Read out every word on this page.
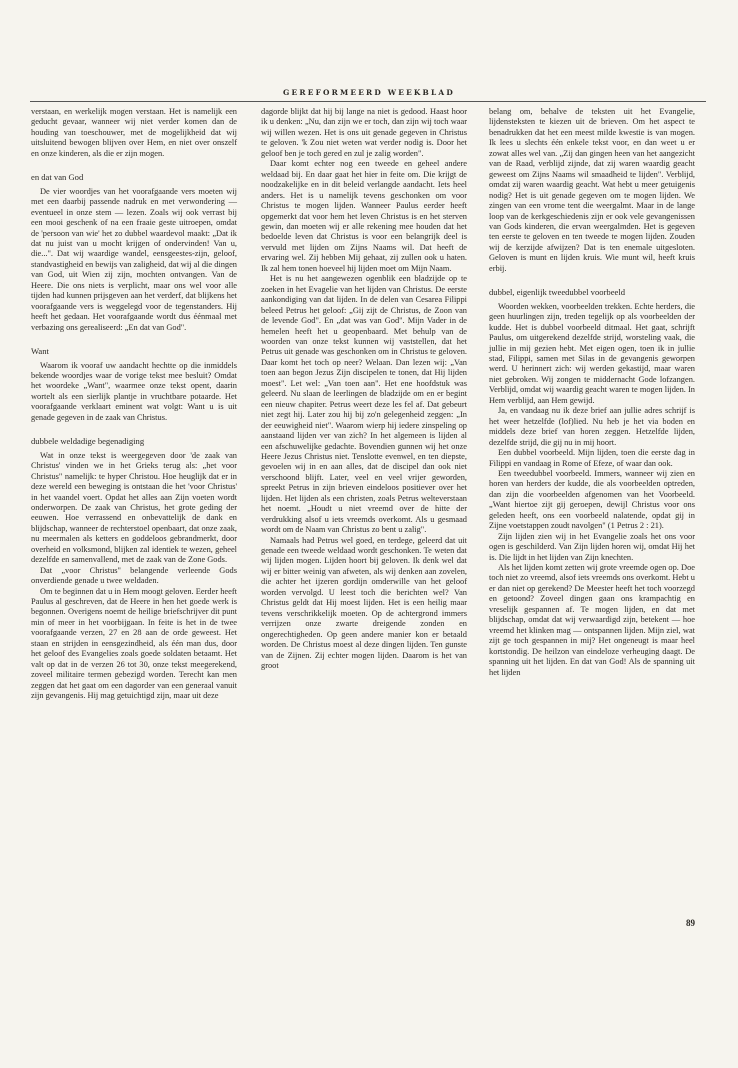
GEREFORMEERD WEEKBLAD

verstaan, en werkelijk mogen verstaan. Het is namelijk een geducht gevaar, wanneer wij niet verder komen dan de houding van toeschouwer, met de mogelijkheid dat wij uitsluitend bewogen blijven over Hem, en niet over onszelf en onze kinderen, als die er zijn mogen.

en dat van God

De vier woordjes van het voorafgaande vers moeten wij met een daarbij passende nadruk en met verwondering — eventueel in onze stem — lezen. Zoals wij ook verrast bij een mooi geschenk of na een fraaie geste uitroepen, omdat de 'persoon van wie' het zo dubbel waardevol maakt: „Dat ik dat nu juist van u mocht krijgen of ondervinden! Van u, die...". Dat wij waardige wandel, eensgeestes-zijn, geloof, standvastigheid en bewijs van zaligheid, dat wij al die dingen van God, uit Wien zij zijn, mochten ontvangen. Van de Heere. Die ons niets is verplicht, maar ons wel voor alle tijden had kunnen prijsgeven aan het verderf, dat blijkens het voorafgaande vers is weggelegd voor de tegenstanders. Hij heeft het gedaan. Het voorafgaande wordt dus éénmaal met verbazing ons gerealiseerd: „En dat van God".

Want

Waarom ik vooraf uw aandacht hechtte op die inmiddels bekende woordjes waar de vorige tekst mee besluit? Omdat het woordeke „Want", waarmee onze tekst opent, daarin wortelt als een sierlijk plantje in vruchtbare potaarde. Het voorafgaande verklaart eminent wat volgt: Want u is uit genade gegeven in de zaak van Christus.

dubbele weldadige begenadiging

Wat in onze tekst is weergegeven door 'de zaak van Christus' vinden we in het Grieks terug als: „het voor Christus" namelijk: te hyper Christou. Hoe heuglijk dat er in deze wereld een beweging is ontstaan die het 'voor Christus' in het vaandel voert. Opdat het alles aan Zijn voeten wordt onderworpen. De zaak van Christus, het grote geding der eeuwen. Hoe verrassend en onbevattelijk de dank en blijdschap, wanneer de rechterstoel openbaart, dat onze zaak, nu meermalen als ketters en goddeloos gebrandmerkt, door overheid en volksmond, blijken zal identiek te wezen, geheel dezelfde en samenvallend, met de zaak van de Zone Gods.

Dat „voor Christus" belangende verleende Gods onverdiende genade u twee weldaden.

Om te beginnen dat u in Hem moogt geloven. Eerder heeft Paulus al geschreven, dat de Heere in hen het goede werk is begonnen. Overigens noemt de heilige briefschrijver dit punt min of meer in het voorbijgaan. In feite is het in de twee voorafgaande verzen, 27 en 28 aan de orde geweest. Het staan en strijden in eensgezindheid, als één man dus, door het geloof des Evangelies zoals goede soldaten betaamt. Het valt op dat in de verzen 26 tot 30, onze tekst meegerekend, zoveel militaire termen gebezigd worden. Terecht kan men zeggen dat het gaat om een dagorder van een generaal vanuit zijn gevangenis. Hij mag getuichtigd zijn, maar uit deze

dagorde blijkt dat hij bij lange na niet is gedood. Haast hoor ik u denken: „Nu, dan zijn we er toch, dan zijn wij toch waar wij willen wezen. Het is ons uit genade gegeven in Christus te geloven. 'k Zou niet weten wat verder nodig is. Door het geloof ben je toch gered en zul je zalig worden".

Daar komt echter nog een tweede en geheel andere weldaad bij. En daar gaat het hier in feite om. Die krijgt de noodzakelijke en in dit beleid verlangde aandacht. Iets heel anders. Het is u namelijk tevens geschonken om voor Christus te mogen lijden. Wanneer Paulus eerder heeft opgemerkt dat voor hem het leven Christus is en het sterven gewin, dan moeten wij er alle rekening mee houden dat het bedoelde leven dat Christus is voor een belangrijk deel is vervuld met lijden om Zijns Naams wil. Dat heeft de ervaring wel. Zij hebben Mij gehaat, zij zullen ook u haten. Ik zal hem tonen hoeveel hij lijden moet om Mijn Naam.

Het is nu het aangewezen ogenblik een bladzijde op te zoeken in het Evagelie van het lijden van Christus. De eerste aankondiging van dat lijden. In de delen van Cesarea Filippi beleed Petrus het geloof: „Gij zijt de Christus, de Zoon van de levende God". En „dat was van God". Mijn Vader in de hemelen heeft het u geopenbaard. Met behulp van de woorden van onze tekst kunnen wij vaststellen, dat het Petrus uit genade was geschonken om in Christus te geloven. Daar komt het toch op neer? Welaan. Dan lezen wij: „Van toen aan begon Jezus Zijn discipelen te tonen, dat Hij lijden moest". Let wel: „Van toen aan". Het ene hoofdstuk was geleerd. Nu slaan de leerlingen de bladzijde om en er begint een nieuw chapiter. Petrus weert deze les fel af. Dat gebeurt niet zegt hij. Later zou hij bij zo'n gelegenheid zeggen: „In der eeuwigheid niet". Waarom wierp hij iedere zinspeling op aanstaand lijden ver van zich? In het algemeen is lijden al een afschuwelijke gedachte. Bovendien gunnen wij het onze Heere Jezus Christus niet. Tenslotte evenwel, en ten diepste, gevoelen wij in en aan alles, dat de discipel dan ook niet verschoond blijft. Later, veel en veel vrijer geworden, spreekt Petrus in zijn brieven eindeloos positiever over het lijden. Het lijden als een christen, zoals Petrus welteverstaan het noemt. „Houdt u niet vreemd over de hitte der verdrukking alsof u iets vreemds overkomt. Als u gesmaad wordt om de Naam van Christus zo bent u zalig".

Namaals had Petrus wel goed, en terdege, geleerd dat uit genade een tweede weldaad wordt geschonken. Te weten dat wij lijden mogen. Lijden hoort bij geloven. Ik denk wel dat wij er bitter weinig van afweten, als wij denken aan zovelen, die achter het ijzeren gordijn omderwille van het geloof worden vervolgd. U leest toch die berichten wel? Van Christus geldt dat Hij moest lijden. Het is een heilig maar tevens verschrikkelijk moeten. Op de achtergrond immers verrijzen onze zwarte dreigende zonden en ongerechtigheden. Op geen andere manier kon er betaald worden. De Christus moest al deze dingen lijden. Ten gunste van de Zijnen. Zij echter mogen lijden. Daarom is het van groot

belang om, behalve de teksten uit het Evangelie, lijdensteksten te kiezen uit de brieven. Om het aspect te benadrukken dat het een meest milde kwestie is van mogen. Ik lees u slechts één enkele tekst voor, en dan weet u er zowat alles wel van. „Zij dan gingen heen van het aangezicht van de Raad, verblijd zijnde, dat zij waren waardig geacht geweest om Zijns Naams wil smaadheid te lijden". Verblijd, omdat zij waren waardig geacht. Wat hebt u meer getuigenis nodig? Het is uit genade gegeven om te mogen lijden. We zingen van een vrome tent die weergalmt. Maar in de lange loop van de kerkgeschiedenis zijn er ook vele gevangenissen van Gods kinderen, die ervan weergalmden. Het is gegeven ten eerste te geloven en ten tweede te mogen lijden. Zouden wij de kerzijde afwijzen? Dat is ten enemale uitgesloten. Geloven is munt en lijden kruis. Wie munt wil, heeft kruis erbij.

dubbel, eigenlijk tweedubbel voorbeeld

Woorden wekken, voorbeelden trekken. Echte herders, die geen huurlingen zijn, treden tegelijk op als voorbeelden der kudde. Het is dubbel voorbeeld ditmaal. Het gaat, schrijft Paulus, om uitgerekend dezelfde strijd, worsteling vaak, die jullie in mij gezien hebt. Met eigen ogen, toen ik in jullie stad, Filippi, samen met Silas in de gevangenis geworpen werd. U herinnert zich: wij werden gekastijd, maar waren niet gebroken. Wij zongen te middernacht Gode lofzangen. Verblijd, omdat wij waardig geacht waren te mogen lijden. In Hem verblijd, aan Hem gewijd.

Ja, en vandaag nu ik deze brief aan jullie adres schrijf is het weer hetzelfde (lof)lied. Nu heb je het via boden en middels deze brief van horen zeggen. Hetzelfde lijden, dezelfde strijd, die gij nu in mij hoort.

Een dubbel voorbeeld. Mijn lijden, toen die eerste dag in Filippi en vandaag in Rome of Efeze, of waar dan ook.

Een tweedubbel voorbeeld. Immers, wanneer wij zien en horen van herders der kudde, die als voorbeelden optreden, dan zijn die voorbeelden afgenomen van het Voorbeeld. „Want hiertoe zijt gij geroepen, dewijl Christus voor ons geleden heeft, ons een voorbeeld nalatende, opdat gij in Zijne voetstappen zoudt navolgen" (1 Petrus 2 : 21).

Zijn lijden zien wij in het Evangelie zoals het ons voor ogen is geschilderd. Van Zijn lijden horen wij, omdat Hij het is. Die lijdt in het lijden van Zijn knechten.

Als het lijden komt zetten wij grote vreemde ogen op. Doe toch niet zo vreemd, alsof iets vreemds ons overkomt. Hebt u er dan niet op gerekend? De Meester heeft het toch voorzegd en getoond? Zoveel dingen gaan ons krampachtig en vreselijk gespannen af. Te mogen lijden, en dat met blijdschap, omdat dat wij verwaardigd zijn, betekent — hoe vreemd het klinken mag — ontspannen lijden. Mijn ziel, wat zijt ge toch gespannen in mij? Het ongeneugt is maar heel kortstondig. De heilzon van eindeloze verheuging daagt. De spanning uit het lijden. En dat van God! Als de spanning uit het lijden

89
